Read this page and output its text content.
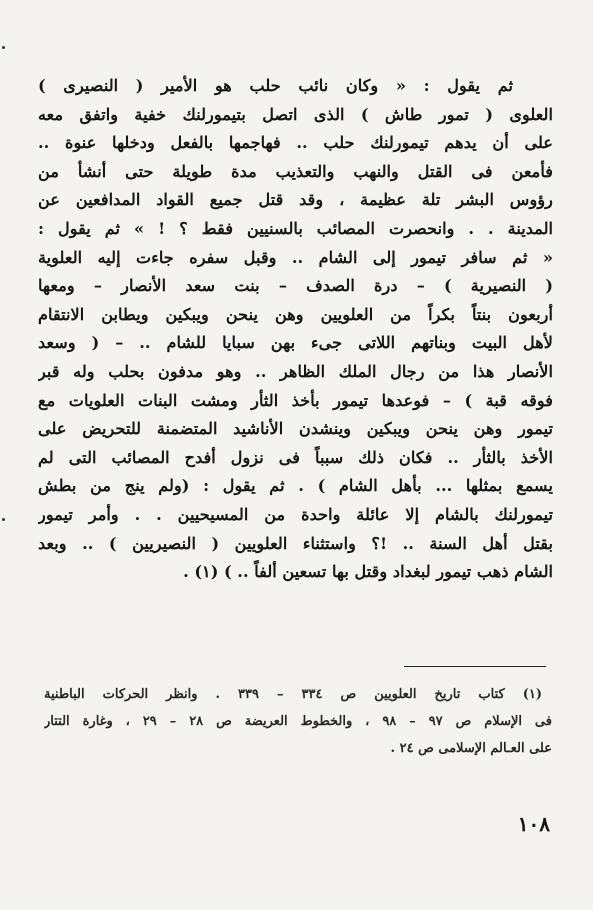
ثم يقول : « وكان نائب حلب هو الأمير ( النصيرى )
العلوى ( تمور طاش ) الذى اتصل بتيمورلنك خفية واتفق معه
على أن يدهم تيمورلنك حلب .. فهاجمها بالفعل ودخلها عنوة ..
فأمعن فى القتل والنهب والتعذيب مدة طويلة حتى أنشأ من
رؤوس البشر تلة عظيمة ، وقد قتل جميع القواد المدافعين عن
المدينة . . وانحصرت المصائب بالسنيين فقط ؟ ! » ثم يقول :
« ثم سافر تيمور إلى الشام .. وقبل سفره جاءت إليه العلوية
( النصيرية ) – درة الصدف – بنت سعد الأنصار – ومعها
أربعون بنتاً بكراً من العلويين وهن ينحن ويبكين ويطابن الانتقام
لأهل البيت وبناتهم اللاتى جىء بهن سبايا للشام .. – ( وسعد
الأنصار هذا من رجال الملك الظاهر .. وهو مدفون بحلب وله قبر
فوقه قبة ) – فوعدها تيمور بأخذ الثأر ومشت البنات العلويات مع
تيمور وهن ينحن ويبكين وينشدن الأناشيد المتضمنة للتحريض على
الأخذ بالثأر .. فكان ذلك سبباً فى نزول أفدح المصائب التى لم
يسمع بمثلها ... بأهل الشام ) . ثم يقول : (ولم ينج من بطش
تيمورلنك بالشام إلا عائلة واحدة من المسيحيين . . وأمر تيمور
بقتل أهل السنة .. !؟ واستثناء العلويين ( النصيريين ) .. وبعد
الشام ذهب تيمور لبغداد وقتل بها تسعين ألفاً .. ) (١) .
(١) كتاب تاريخ العلويين ص ٣٣٤ – ٣٣٩ . وانظر الحركات الباطنية
فى الإسلام ص ٩٧ – ٩٨ ، والخطوط العريضة ص ٢٨ – ٢٩ ، وغارة التتار
على العـالم الإسلامى ص ٢٤ .
١٠٨
